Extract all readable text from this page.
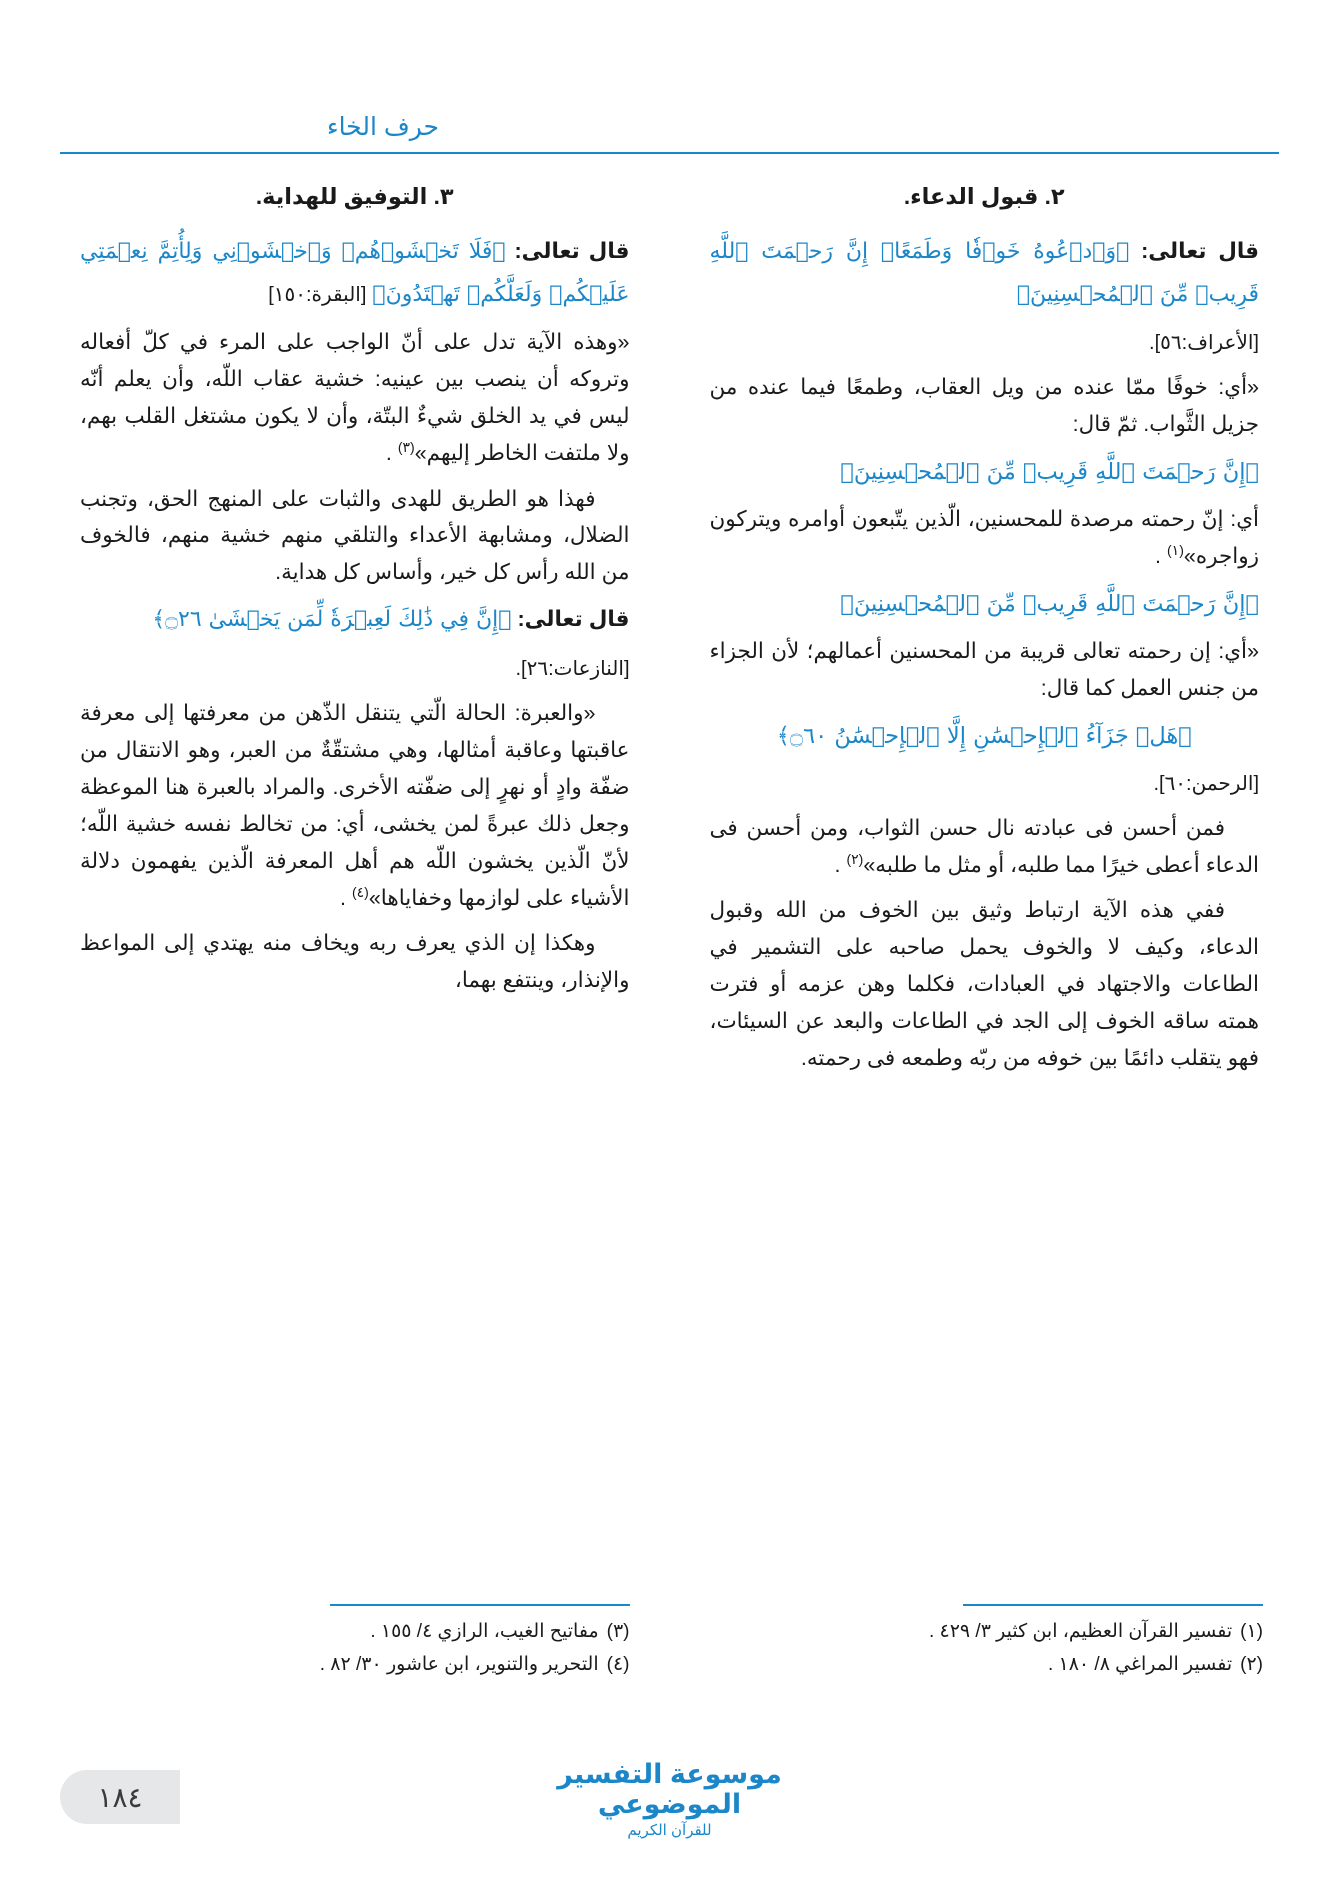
حرف الخاء

٢. قبول الدعاء.

قال تعالى: ﴿وَٱدۡعُوهُ خَوۡفٗا وَطَمَعًاۚ إِنَّ رَحۡمَتَ ٱللَّهِ قَرِيبٞ مِّنَ ٱلۡمُحۡسِنِينَ﴾

[الأعراف:٥٦].

«أي: خوفًا ممّا عنده من ويل العقاب، وطمعًا فيما عنده من جزيل الثَّواب. ثمّ قال:

﴿إِنَّ رَحۡمَتَ ٱللَّهِ قَرِيبٞ مِّنَ ٱلۡمُحۡسِنِينَ﴾

أي: إنّ رحمته مرصدة للمحسنين، الّذين يتّبعون أوامره ويتركون زواجره»$^{(١)}$ .

﴿إِنَّ رَحۡمَتَ ٱللَّهِ قَرِيبٞ مِّنَ ٱلۡمُحۡسِنِينَ﴾

«أي: إن رحمته تعالى قريبة من المحسنين أعمالهم؛ لأن الجزاء من جنس العمل كما قال:

﴿هَلۡ جَزَآءُ ٱلۡإِحۡسَٰنِ إِلَّا ٱلۡإِحۡسَٰنُ ۝٦٠﴾

[الرحمن:٦٠].

فمن أحسن فى عبادته نال حسن الثواب، ومن أحسن فى الدعاء أعطى خيرًا مما طلبه، أو مثل ما طلبه»$^{(٢)}$ .

ففي هذه الآية ارتباط وثيق بين الخوف من الله وقبول الدعاء، وكيف لا والخوف يحمل صاحبه على التشمير في الطاعات والاجتهاد في العبادات، فكلما وهن عزمه أو فترت همته ساقه الخوف إلى الجد في الطاعات والبعد عن السيئات، فهو يتقلب دائمًا بين خوفه من ربّه وطمعه فى رحمته.

٣. التوفيق للهداية.

قال تعالى: ﴿فَلَا تَخۡشَوۡهُمۡ وَٱخۡشَوۡنِي وَلِأُتِمَّ نِعۡمَتِي عَلَيۡكُمۡ وَلَعَلَّكُمۡ تَهۡتَدُونَ﴾ [البقرة:١٥٠]

«وهذه الآية تدل على أنّ الواجب على المرء في كلّ أفعاله وتروكه أن ينصب بين عينيه: خشية عقاب اللّه، وأن يعلم أنّه ليس في يد الخلق شيءٌ البتّة، وأن لا يكون مشتغل القلب بهم، ولا ملتفت الخاطر إليهم»$^{(٣)}$ .

فهذا هو الطريق للهدى والثبات على المنهج الحق، وتجنب الضلال، ومشابهة الأعداء والتلقي منهم خشية منهم، فالخوف من الله رأس كل خير، وأساس كل هداية.

قال تعالى: ﴿إِنَّ فِي ذَٰلِكَ لَعِبۡرَةٗ لِّمَن يَخۡشَىٰ ۝٢٦﴾

[النازعات:٢٦].

«والعبرة: الحالة الّتي يتنقل الذّهن من معرفتها إلى معرفة عاقبتها وعاقبة أمثالها، وهي مشتقّةٌ من العبر، وهو الانتقال من ضفّة وادٍ أو نهرٍ إلى ضفّته الأخرى. والمراد بالعبرة هنا الموعظة وجعل ذلك عبرةً لمن يخشى، أي: من تخالط نفسه خشية اللّه؛ لأنّ الّذين يخشون اللّه هم أهل المعرفة الّذين يفهمون دلالة الأشياء على لوازمها وخفاياها»$^{(٤)}$ .

وهكذا إن الذي يعرف ربه ويخاف منه يهتدي إلى المواعظ والإنذار، وينتفع بهما،

(١)
تفسير القرآن العظيم، ابن كثير ٣/ ٤٢٩ .
(٢)
تفسير المراغي ٨/ ١٨٠ .
(٣)
مفاتيح الغيب، الرازي ٤/ ١٥٥ .
(٤)
التحرير والتنوير، ابن عاشور ٣٠/ ٨٢ .
موسوعة التفسير الموضوعي
للقرآن الكريم
١٨٤
